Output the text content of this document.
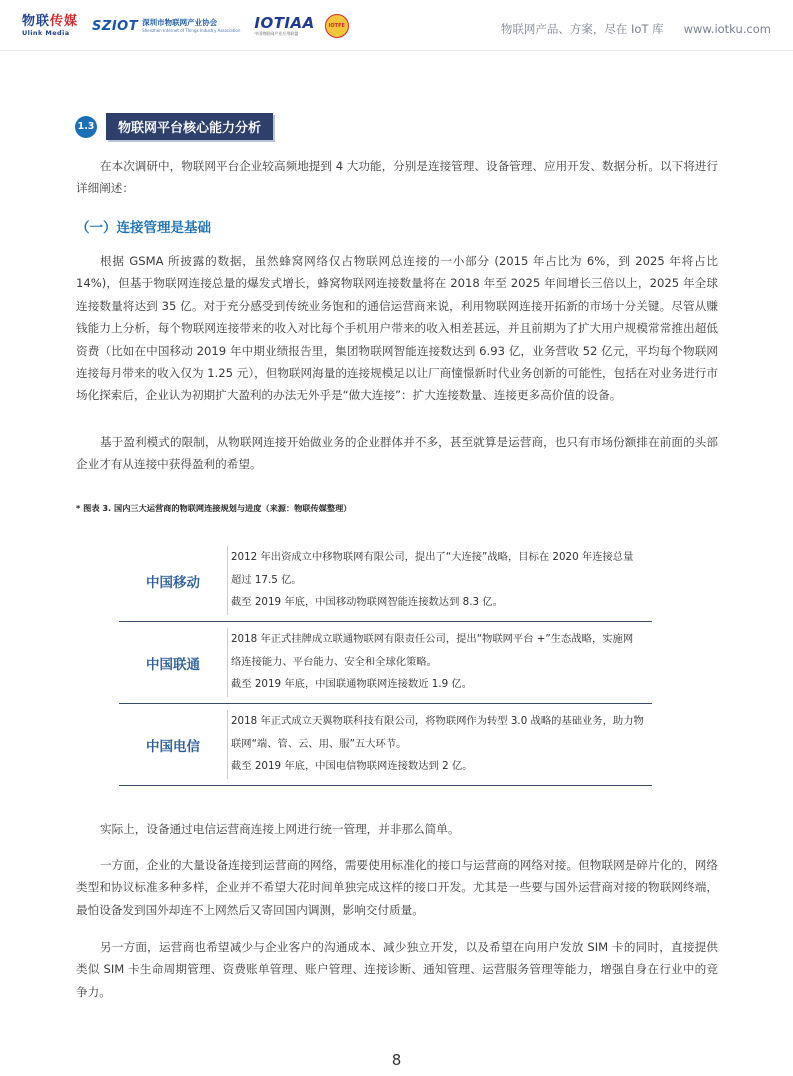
物联传媒
Ulink Media	SZIOT 深圳市物联网产业协会
Shenzhen Internet of Things Industry Association IOTIAA
中国物联网产业应用联盟
IOTFE	物联网产品、方案，尽在 IoT 库 www.iotku.com
1.3	物联网平台核心能力分析

在本次调研中，物联网平台企业较高频地提到 4 大功能，分别是连接管理、设备管理、应用开发、数据分析。以下将进行详细阐述：

（一）连接管理是基础

根据 GSMA 所披露的数据，虽然蜂窝网络仅占物联网总连接的一小部分 (2015 年占比为 6%，到 2025 年将占比 14%)，但基于物联网连接总量的爆发式增长，蜂窝物联网连接数量将在 2018 年至 2025 年间增长三倍以上，2025 年全球连接数量将达到 35 亿。对于充分感受到传统业务饱和的通信运营商来说，利用物联网连接开拓新的市场十分关键。尽管从赚钱能力上分析，每个物联网连接带来的收入对比每个手机用户带来的收入相差甚远，并且前期为了扩大用户规模常常推出超低资费（比如在中国移动 2019 年中期业绩报告里，集团物联网智能连接数达到 6.93 亿，业务营收 52 亿元，平均每个物联网连接每月带来的收入仅为 1.25 元），但物联网海量的连接规模足以让厂商憧憬新时代业务创新的可能性，包括在对业务进行市场化探索后，企业认为初期扩大盈利的办法无外乎是“做大连接”：扩大连接数量、连接更多高价值的设备。

基于盈利模式的限制，从物联网连接开始做业务的企业群体并不多，甚至就算是运营商，也只有市场份额排在前面的头部企业才有从连接中获得盈利的希望。

* 图表 3. 国内三大运营商的物联网连接规划与进度（来源：物联传媒整理）
中国移动
2012 年出资成立中移物联网有限公司，提出了“大连接”战略，目标在 2020 年连接总量
超过 17.5 亿。
截至 2019 年底，中国移动物联网智能连接数达到 8.3 亿。
中国联通
2018 年正式挂牌成立联通物联网有限责任公司，提出“物联网平台 +”生态战略，实施网
络连接能力、平台能力、安全和全球化策略。
截至 2019 年底，中国联通物联网连接数近 1.9 亿。
中国电信
2018 年正式成立天翼物联科技有限公司，将物联网作为转型 3.0 战略的基础业务，助力物
联网“端、管、云、用、服”五大环节。
截至 2019 年底，中国电信物联网连接数达到 2 亿。

实际上，设备通过电信运营商连接上网进行统一管理，并非那么简单。

一方面，企业的大量设备连接到运营商的网络，需要使用标准化的接口与运营商的网络对接。但物联网是碎片化的，网络类型和协议标准多种多样，企业并不希望大花时间单独完成这样的接口开发。尤其是一些要与国外运营商对接的物联网终端，最怕设备发到国外却连不上网然后又寄回国内调测，影响交付质量。

另一方面，运营商也希望减少与企业客户的沟通成本、减少独立开发，以及希望在向用户发放 SIM 卡的同时，直接提供类似 SIM 卡生命周期管理、资费账单管理、账户管理、连接诊断、通知管理、运营服务管理等能力，增强自身在行业中的竞争力。

8
